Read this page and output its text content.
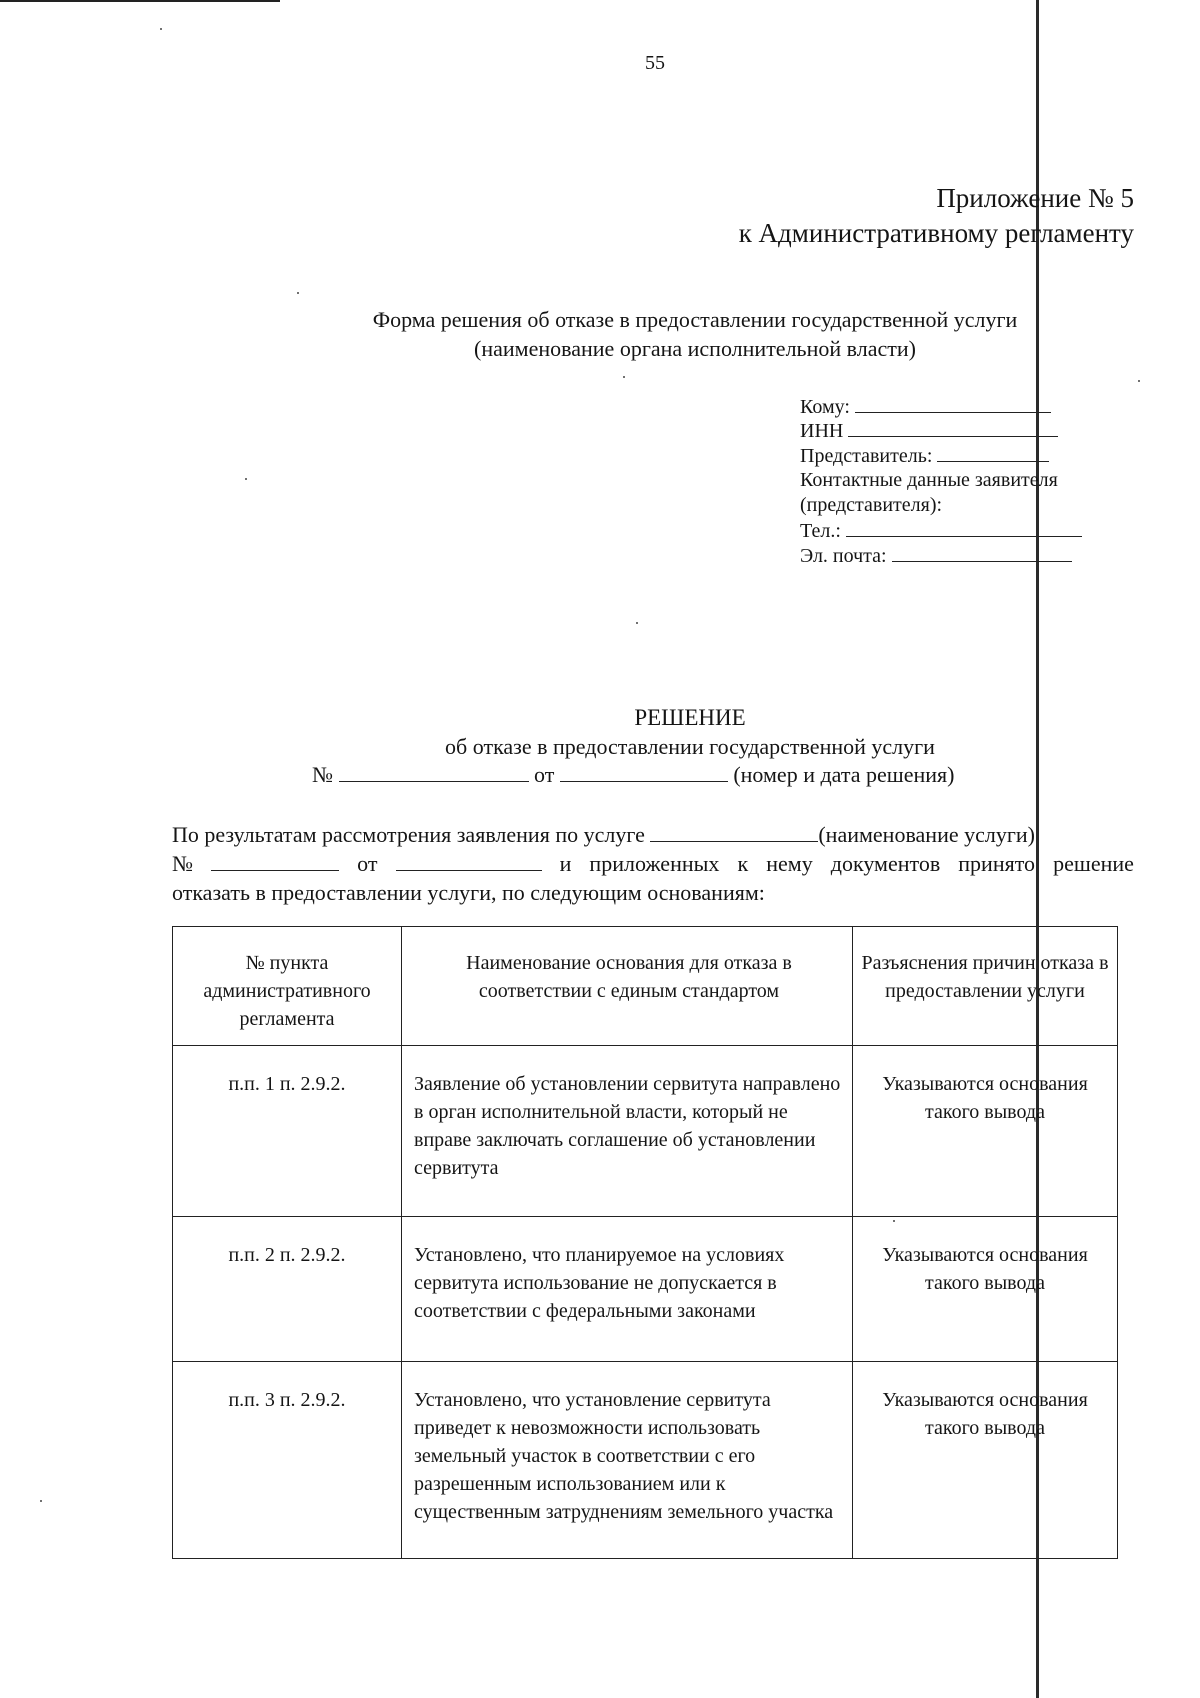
55
Приложение № 5
к Административному регламенту
Форма решения об отказе в предоставлении государственной услуги
(наименование органа исполнительной власти)
Кому:
ИНН
Представитель:
Контактные данные заявителя
(представителя):
Тел.:
Эл. почта:
РЕШЕНИЕ
об отказе в предоставлении государственной услуги
№	от	(номер и дата решения)
По результатам рассмотрения заявления по услуге	(наименование услуги)
№	от	и приложенных к нему документов принято решение
отказать в предоставлении услуги, по следующим основаниям:
№ пункта административного регламента	Наименование основания для отказа в соответствии с единым стандартом	Разъяснения причин отказа в предоставлении услуги
п.п. 1 п. 2.9.2.	Заявление об установлении сервитута направлено в орган исполнительной власти, который не вправе заключать соглашение об установлении сервитута	Указываются основания такого вывода
п.п. 2 п. 2.9.2.	Установлено, что планируемое на условиях сервитута использование не допускается в соответствии с федеральными законами	Указываются основания такого вывода
п.п. 3 п. 2.9.2.	Установлено, что установление сервитута приведет к невозможности использовать земельный участок в соответствии с его разрешенным использованием или к существенным затруднениям земельного участка	Указываются основания такого вывода
